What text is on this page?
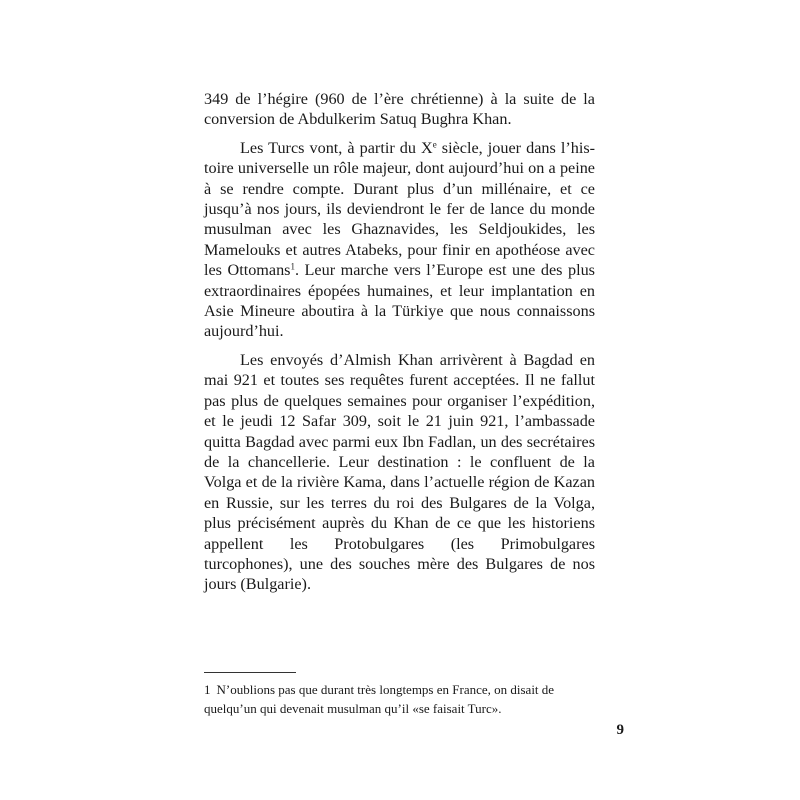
349 de l’hégire (960 de l’ère chrétienne) à la suite de la conversion de Abdulkerim Satuq Bughra Khan.

Les Turcs vont, à partir du Xe siècle, jouer dans l’histoire universelle un rôle majeur, dont aujourd’hui on a peine à se rendre compte. Durant plus d’un millénaire, et ce jusqu’à nos jours, ils deviendront le fer de lance du monde musulman avec les Ghaznavides, les Seldjoukides, les Mamelouks et autres Atabeks, pour finir en apothéose avec les Ottomans$^1$. Leur marche vers l’Europe est une des plus extraordinaires épopées humaines, et leur implantation en Asie Mineure aboutira à la Türkiye que nous connaissons aujourd’hui.

Les envoyés d’Almish Khan arrivèrent à Bagdad en mai 921 et toutes ses requêtes furent acceptées. Il ne fallut pas plus de quelques semaines pour organiser l’expédition, et le jeudi 12 Safar 309, soit le 21 juin 921, l’ambassade quitta Bagdad avec parmi eux Ibn Fadlan, un des secrétaires de la chancellerie. Leur destination : le confluent de la Volga et de la rivière Kama, dans l’actuelle région de Kazan en Russie, sur les terres du roi des Bulgares de la Volga, plus précisément auprès du Khan de ce que les historiens appellent les Protobulgares (les Primobulgares turcophones), une des souches mère des Bulgares de nos jours (Bulgarie).

1 N’oublions pas que durant très longtemps en France, on disait de quelqu’un qui devenait musulman qu’il «se faisait Turc».
9
